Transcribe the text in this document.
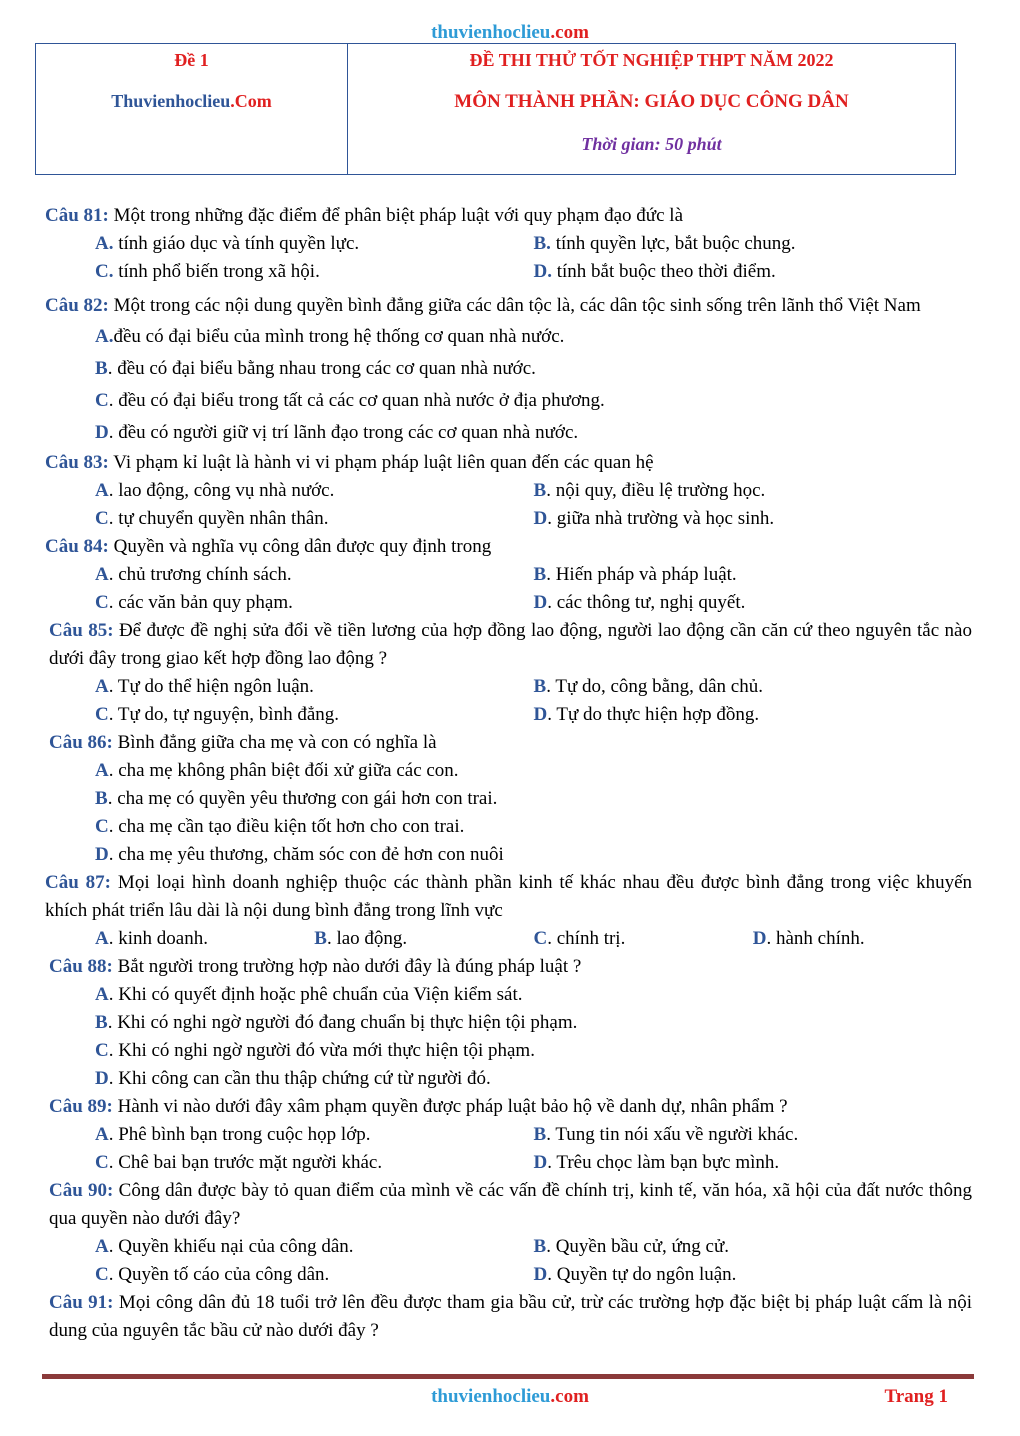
thuvienhoclieu.com
Đề 1
Thuvienhoclieu.Com
ĐỀ THI THỬ TỐT NGHIỆP THPT NĂM 2022
MÔN THÀNH PHẦN: GIÁO DỤC CÔNG DÂN
Thời gian: 50 phút
Câu 81: Một trong những đặc điểm để phân biệt pháp luật với quy phạm đạo đức là
A. tính giáo dục và tính quyền lực.	B. tính quyền lực, bắt buộc chung.
C. tính phổ biến trong xã hội.	D. tính bắt buộc theo thời điểm.
Câu 82: Một trong các nội dung quyền bình đẳng giữa các dân tộc là, các dân tộc sinh sống trên lãnh thổ Việt Nam
A.đều có đại biểu của mình trong hệ thống cơ quan nhà nước.
B. đều có đại biểu bằng nhau trong các cơ quan nhà nước.
C. đều có đại biểu trong tất cả các cơ quan nhà nước ở địa phương.
D. đều có người giữ vị trí lãnh đạo trong các cơ quan nhà nước.
Câu 83: Vi phạm kỉ luật là hành vi vi phạm pháp luật liên quan đến các quan hệ
A. lao động, công vụ nhà nước.	B. nội quy, điều lệ trường học.
C. tự chuyển quyền nhân thân.	D. giữa nhà trường và học sinh.
Câu 84: Quyền và nghĩa vụ công dân được quy định trong
A. chủ trương chính sách.	B. Hiến pháp và pháp luật.
C. các văn bản quy phạm.	D. các thông tư, nghị quyết.
Câu 85: Để được đề nghị sửa đổi về tiền lương của hợp đồng lao động, người lao động cần căn cứ theo nguyên tắc nào dưới đây trong giao kết hợp đồng lao động ?
A. Tự do thể hiện ngôn luận.	B. Tự do, công bằng, dân chủ.
C. Tự do, tự nguyện, bình đẳng.	D. Tự do thực hiện hợp đồng.
Câu 86: Bình đẳng giữa cha mẹ và con có nghĩa là
A. cha mẹ không phân biệt đối xử giữa các con.
B. cha mẹ có quyền yêu thương con gái hơn con trai.
C. cha mẹ cần tạo điều kiện tốt hơn cho con trai.
D. cha mẹ yêu thương, chăm sóc con đẻ hơn con nuôi
Câu 87: Mọi loại hình doanh nghiệp thuộc các thành phần kinh tế khác nhau đều được bình đẳng trong việc khuyến khích phát triển lâu dài là nội dung bình đẳng trong lĩnh vực
A. kinh doanh.	B. lao động.	C. chính trị.	D. hành chính.
Câu 88: Bắt người trong trường hợp nào dưới đây là đúng pháp luật ?
A. Khi có quyết định hoặc phê chuẩn của Viện kiểm sát.
B. Khi có nghi ngờ người đó đang chuẩn bị thực hiện tội phạm.
C. Khi có nghi ngờ người đó vừa mới thực hiện tội phạm.
D. Khi công can cần thu thập chứng cứ từ người đó.
Câu 89: Hành vi nào dưới đây xâm phạm quyền được pháp luật bảo hộ về danh dự, nhân phẩm ?
A. Phê bình bạn trong cuộc họp lớp.	B. Tung tin nói xấu về người khác.
C. Chê bai bạn trước mặt người khác.	D. Trêu chọc làm bạn bực mình.
Câu 90: Công dân được bày tỏ quan điểm của mình về các vấn đề chính trị, kinh tế, văn hóa, xã hội của đất nước thông qua quyền nào dưới đây?
A. Quyền khiếu nại của công dân.	B. Quyền bầu cử, ứng cử.
C. Quyền tố cáo của công dân.	D. Quyền tự do ngôn luận.
Câu 91: Mọi công dân đủ 18 tuổi trở lên đều được tham gia bầu cử, trừ các trường hợp đặc biệt bị pháp luật cấm là nội dung của nguyên tắc bầu cử nào dưới đây ?
thuvienhoclieu.com	Trang 1
